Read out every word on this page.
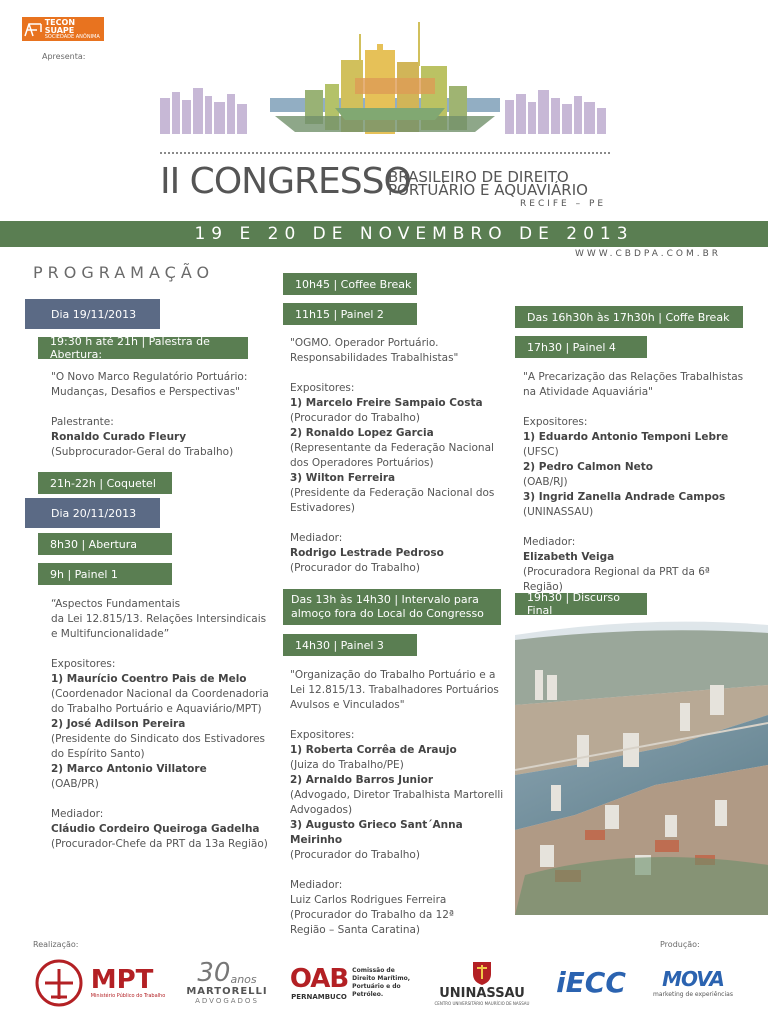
TECON SUAPE
SOCIEDADE ANÔNIMA
Apresenta:
II CONGRESSO
BRASILEIRO DE DIREITO
PORTUÁRIO E AQUAVIÁRIO
RECIFE – PE
19 E 20 DE NOVEMBRO DE 2013
WWW.CBDPA.COM.BR
PROGRAMAÇÃO
Dia 19/11/2013
19:30 h até 21h | Palestra de Abertura:
"O Novo Marco Regulatório Portuário: Mudanças, Desafios e Perspectivas"
Palestrante:
Ronaldo Curado Fleury
(Subprocurador-Geral do Trabalho)
21h-22h | Coquetel
Dia 20/11/2013
8h30 | Abertura
9h | Painel 1
“Aspectos Fundamentais
da Lei 12.815/13. Relações Intersindicais
e Multifuncionalidade”
Expositores:
1) Maurício Coentro Pais de Melo
(Coordenador Nacional da Coordenadoria do Trabalho Portuário e Aquaviário/MPT)
2) José Adilson Pereira
(Presidente do Sindicato dos Estivadores do Espírito Santo)
2) Marco Antonio Villatore
(OAB/PR)
Mediador:
Cláudio Cordeiro Queiroga Gadelha
(Procurador-Chefe da PRT da 13a Região)
10h45 | Coffee Break
11h15 | Painel 2
"OGMO. Operador Portuário. Responsabilidades Trabalhistas"
Expositores:
1) Marcelo Freire Sampaio Costa
(Procurador do Trabalho)
2) Ronaldo Lopez Garcia
(Representante da Federação Nacional dos Operadores Portuários)
3) Wilton Ferreira
(Presidente da Federação Nacional dos Estivadores)
Mediador:
Rodrigo Lestrade Pedroso
(Procurador do Trabalho)
Das 13h às 14h30 | Intervalo para almoço fora do Local do Congresso
14h30 | Painel 3
"Organização do Trabalho Portuário e a Lei 12.815/13. Trabalhadores Portuários Avulsos e Vinculados"
Expositores:
1) Roberta Corrêa de Araujo
(Juiza do Trabalho/PE)
2) Arnaldo Barros Junior
(Advogado, Diretor Trabalhista Martorelli Advogados)
3) Augusto Grieco Sant´Anna Meirinho
(Procurador do Trabalho)
Mediador:
Luiz Carlos Rodrigues Ferreira
(Procurador do Trabalho da 12ª Região – Santa Caratina)
Das 16h30h às 17h30h | Coffe Break
17h30 | Painel 4
"A Precarização das Relações Trabalhistas na Atividade Aquaviária"
Expositores:
1) Eduardo Antonio Temponi Lebre
(UFSC)
2) Pedro Calmon Neto
(OAB/RJ)
3) Ingrid Zanella Andrade Campos
(UNINASSAU)
Mediador:
Elizabeth Veiga
(Procuradora Regional da PRT da 6ª Região)
19h30 | Discurso Final
Realização:	Produção:
MPT
Ministério Público do Trabalho
30 anos
MARTORELLI
ADVOGADOS
OAB
PERNAMBUCO
Comissão de Direito Marítimo, Portuário e do Petróleo.	UNINASSAU
CENTRO UNIVERSITÁRIO MAURÍCIO DE NASSAU
iECC MOVA
marketing de experiências
